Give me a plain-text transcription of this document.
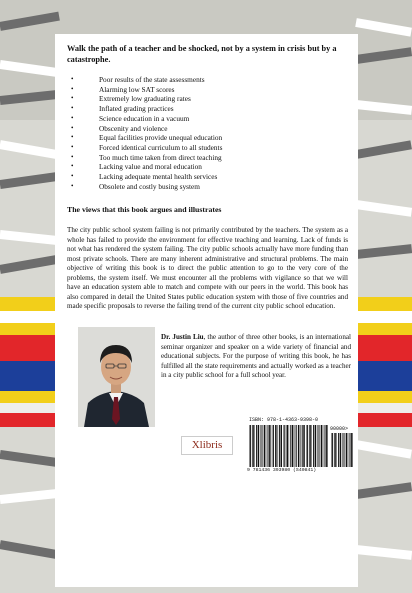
Walk the path of a teacher and be shocked, not by a system in crisis but by a catastrophe.

• Poor results of the state assessments
• Alarming low SAT scores
• Extremely low graduating rates
• Inflated grading practices
• Science education in a vacuum
• Obscenity and violence
• Equal facilities provide unequal education
• Forced identical curriculum to all students
• Too much time taken from direct teaching
• Lacking value and moral education
• Lacking adequate mental health services
• Obsolete and costly busing system

The views that this book argues and illustrates

The city public school system failing is not primarily contributed by the teachers. The system as a whole has failed to provide the environment for effective teaching and learning. Lack of funds is not what has rendered the system failing. The city public schools actually have more funding than most private schools. There are many inherent administrative and structural problems. The main objective of writing this book is to direct the public attention to go to the very core of the problems, the system itself. We must encounter all the problems with vigilance so that we will have an education system able to match and compete with our peers in the world. This book has also compared in detail the United States public education system with those of five countries and made specific proposals to reverse the failing trend of the current city public school education.

Dr. Justin Liu, the author of three other books, is an international seminar organizer and speaker on a wide variety of financial and educational subjects. For the purpose of writing this book, he has fulfilled all the state requirements and actually worked as a teacher in a city public school for a full school year.

Xlibris
ISBN: 978-1-4363-9398-0
90000>
9 781436 393980 (S40841)
